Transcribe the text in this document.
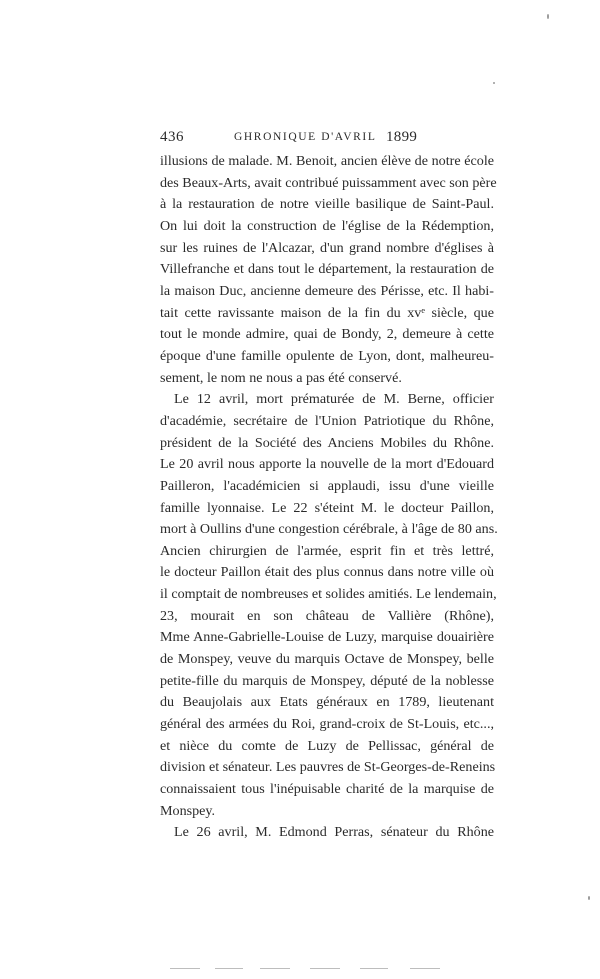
436	GHRONIQUE D'AVRIL 1899
illusions de malade. M. Benoit, ancien élève de notre école
des Beaux-Arts, avait contribué puissamment avec son père
à la restauration de notre vieille basilique de Saint-Paul.
On lui doit la construction de l'église de la Rédemption,
sur les ruines de l'Alcazar, d'un grand nombre d'églises à
Villefranche et dans tout le département, la restauration de
la maison Duc, ancienne demeure des Périsse, etc. Il habi-
tait cette ravissante maison de la fin du xvᵉ siècle, que
tout le monde admire, quai de Bondy, 2, demeure à cette
époque d'une famille opulente de Lyon, dont, malheureu-
sement, le nom ne nous a pas été conservé.
Le 12 avril, mort prématurée de M. Berne, officier
d'académie, secrétaire de l'Union Patriotique du Rhône,
président de la Société des Anciens Mobiles du Rhône.
Le 20 avril nous apporte la nouvelle de la mort d'Edouard
Pailleron, l'académicien si applaudi, issu d'une vieille
famille lyonnaise. Le 22 s'éteint M. le docteur Paillon,
mort à Oullins d'une congestion cérébrale, à l'âge de 80 ans.
Ancien chirurgien de l'armée, esprit fin et très lettré,
le docteur Paillon était des plus connus dans notre ville où
il comptait de nombreuses et solides amitiés. Le lendemain,
23, mourait en son château de Vallière (Rhône),
Mme Anne-Gabrielle-Louise de Luzy, marquise douairière
de Monspey, veuve du marquis Octave de Monspey, belle
petite-fille du marquis de Monspey, député de la noblesse
du Beaujolais aux Etats généraux en 1789, lieutenant
général des armées du Roi, grand-croix de St-Louis, etc...,
et nièce du comte de Luzy de Pellissac, général de
division et sénateur. Les pauvres de St-Georges-de-Reneins
connaissaient tous l'inépuisable charité de la marquise de
Monspey.
Le 26 avril, M. Edmond Perras, sénateur du Rhône
